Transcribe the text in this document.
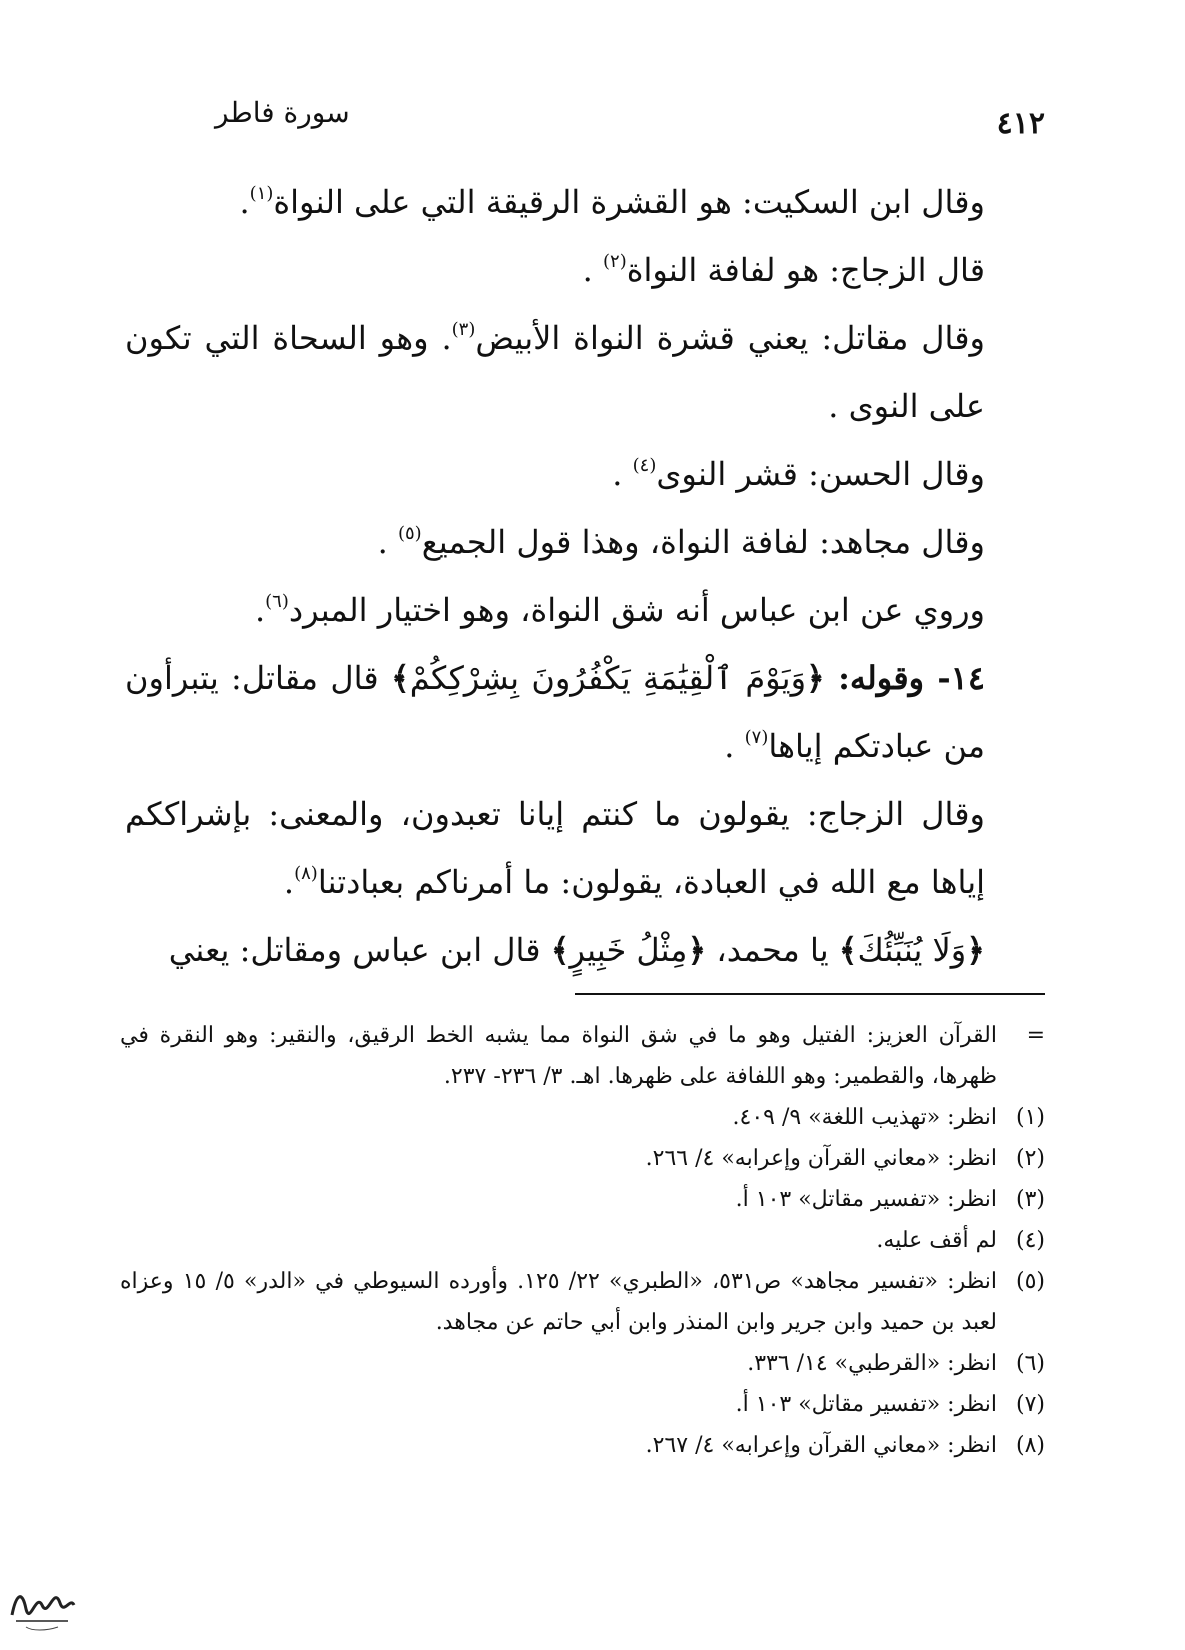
٤١٢
سورة فاطر

وقال ابن السكيت: هو القشرة الرقيقة التي على النواة$^{(١)}$.

قال الزجاج: هو لفافة النواة$^{(٢)}$ .

وقال مقاتل: يعني قشرة النواة الأبيض$^{(٣)}$. وهو السحاة التي تكون على النوى .

وقال الحسن: قشر النوى$^{(٤)}$ .

وقال مجاهد: لفافة النواة، وهذا قول الجميع$^{(٥)}$ .

وروي عن ابن عباس أنه شق النواة، وهو اختيار المبرد$^{(٦)}$.

١٤- وقوله: ﴿وَيَوْمَ ٱلْقِيَٰمَةِ يَكْفُرُونَ بِشِرْكِكُمْ﴾ قال مقاتل: يتبرأون من عبادتكم إياها$^{(٧)}$ .

وقال الزجاج: يقولون ما كنتم إيانا تعبدون، والمعنى: بإشراككم إياها مع الله في العبادة، يقولون: ما أمرناكم بعبادتنا$^{(٨)}$.

﴿وَلَا يُنَبِّئُكَ﴾ يا محمد، ﴿مِثْلُ خَبِيرٍ﴾ قال ابن عباس ومقاتل: يعني

=
القرآن العزيز: الفتيل وهو ما في شق النواة مما يشبه الخط الرقيق، والنقير: وهو النقرة في ظهرها، والقطمير: وهو اللفافة على ظهرها. اهـ. ٣/ ٢٣٦- ٢٣٧.
(١)
انظر: «تهذيب اللغة» ٩/ ٤٠٩.
(٢)
انظر: «معاني القرآن وإعرابه» ٤/ ٢٦٦.
(٣)
انظر: «تفسير مقاتل» ١٠٣ أ.
(٤)
لم أقف عليه.
(٥)
انظر: «تفسير مجاهد» ص٥٣١، «الطبري» ٢٢/ ١٢٥. وأورده السيوطي في «الدر» ٥/ ١٥ وعزاه لعبد بن حميد وابن جرير وابن المنذر وابن أبي حاتم عن مجاهد.
(٦)
انظر: «القرطبي» ١٤/ ٣٣٦.
(٧)
انظر: «تفسير مقاتل» ١٠٣ أ.
(٨)
انظر: «معاني القرآن وإعرابه» ٤/ ٢٦٧.
